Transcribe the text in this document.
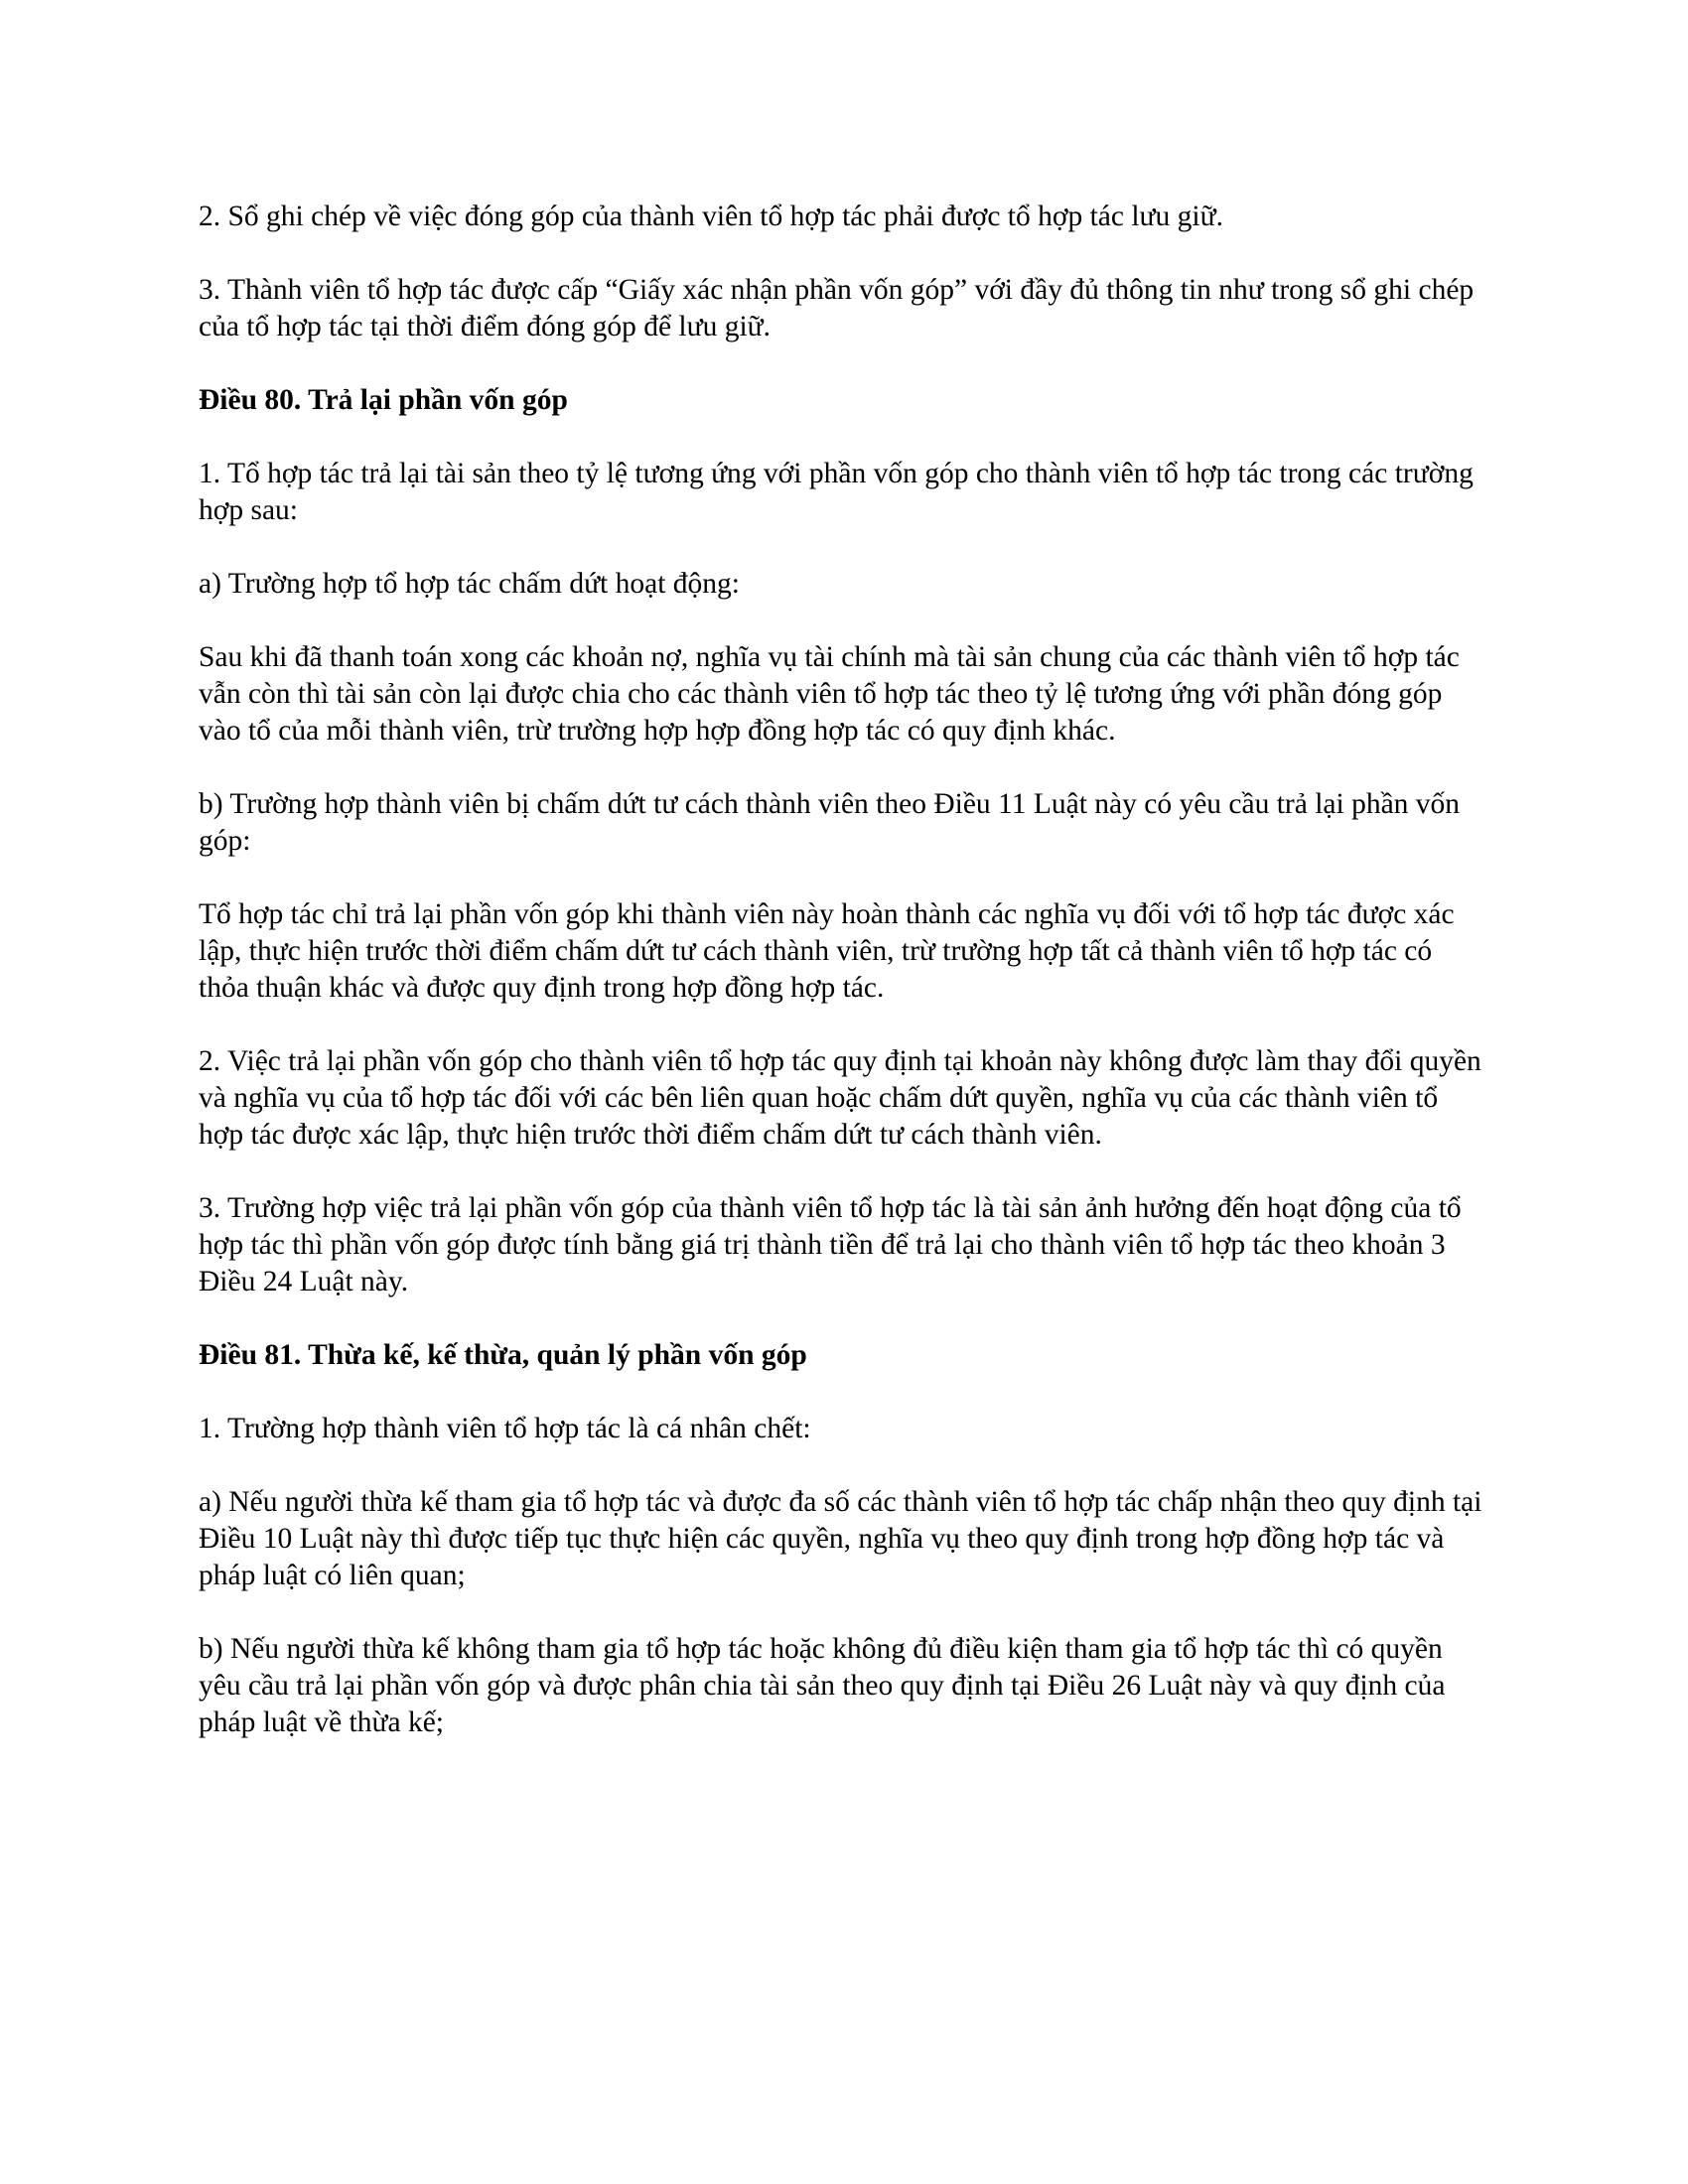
2. Sổ ghi chép về việc đóng góp của thành viên tổ hợp tác phải được tổ hợp tác lưu giữ.

3. Thành viên tổ hợp tác được cấp “Giấy xác nhận phần vốn góp” với đầy đủ thông tin như trong sổ ghi chép của tổ hợp tác tại thời điểm đóng góp để lưu giữ.

Điều 80. Trả lại phần vốn góp

1. Tổ hợp tác trả lại tài sản theo tỷ lệ tương ứng với phần vốn góp cho thành viên tổ hợp tác trong các trường hợp sau:

a) Trường hợp tổ hợp tác chấm dứt hoạt động:

Sau khi đã thanh toán xong các khoản nợ, nghĩa vụ tài chính mà tài sản chung của các thành viên tổ hợp tác vẫn còn thì tài sản còn lại được chia cho các thành viên tổ hợp tác theo tỷ lệ tương ứng với phần đóng góp vào tổ của mỗi thành viên, trừ trường hợp hợp đồng hợp tác có quy định khác.

b) Trường hợp thành viên bị chấm dứt tư cách thành viên theo Điều 11 Luật này có yêu cầu trả lại phần vốn góp:

Tổ hợp tác chỉ trả lại phần vốn góp khi thành viên này hoàn thành các nghĩa vụ đối với tổ hợp tác được xác lập, thực hiện trước thời điểm chấm dứt tư cách thành viên, trừ trường hợp tất cả thành viên tổ hợp tác có thỏa thuận khác và được quy định trong hợp đồng hợp tác.

2. Việc trả lại phần vốn góp cho thành viên tổ hợp tác quy định tại khoản này không được làm thay đổi quyền và nghĩa vụ của tổ hợp tác đối với các bên liên quan hoặc chấm dứt quyền, nghĩa vụ của các thành viên tổ hợp tác được xác lập, thực hiện trước thời điểm chấm dứt tư cách thành viên.

3. Trường hợp việc trả lại phần vốn góp của thành viên tổ hợp tác là tài sản ảnh hưởng đến hoạt động của tổ hợp tác thì phần vốn góp được tính bằng giá trị thành tiền để trả lại cho thành viên tổ hợp tác theo khoản 3 Điều 24 Luật này.

Điều 81. Thừa kế, kế thừa, quản lý phần vốn góp

1. Trường hợp thành viên tổ hợp tác là cá nhân chết:

a) Nếu người thừa kế tham gia tổ hợp tác và được đa số các thành viên tổ hợp tác chấp nhận theo quy định tại Điều 10 Luật này thì được tiếp tục thực hiện các quyền, nghĩa vụ theo quy định trong hợp đồng hợp tác và pháp luật có liên quan;

b) Nếu người thừa kế không tham gia tổ hợp tác hoặc không đủ điều kiện tham gia tổ hợp tác thì có quyền yêu cầu trả lại phần vốn góp và được phân chia tài sản theo quy định tại Điều 26 Luật này và quy định của pháp luật về thừa kế;
